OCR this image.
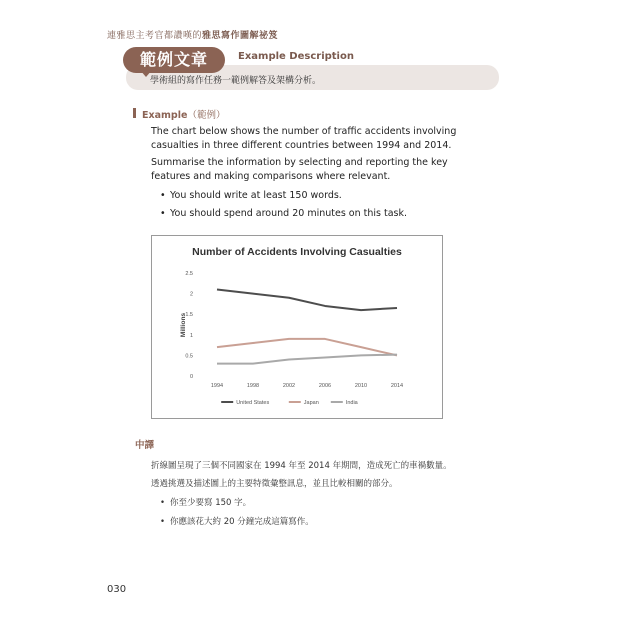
連雅思主考官都讚嘆的雅思寫作圖解祕笈
範例文章	Example Description
學術組的寫作任務一範例解答及架構分析。
Example（範例）
The chart below shows the number of traffic accidents involving casualties in three different countries between 1994 and 2014.
Summarise the information by selecting and reporting the key features and making comparisons where relevant.
• You should write at least 150 words.
• You should spend around 20 minutes on this task.
Number of Accidents Involving Casualties
Millions
0
0.5
1
1.5
2
2.5
1994	1998	2002	2006	2010	2014
United States	Japan	India
中譯
折線圖呈現了三個不同國家在 1994 年至 2014 年期間，造成死亡的車禍數量。
透過挑選及描述圖上的主要特徵彙整訊息，並且比較相關的部分。
• 你至少要寫 150 字。
• 你應該花大約 20 分鐘完成這篇寫作。
030
